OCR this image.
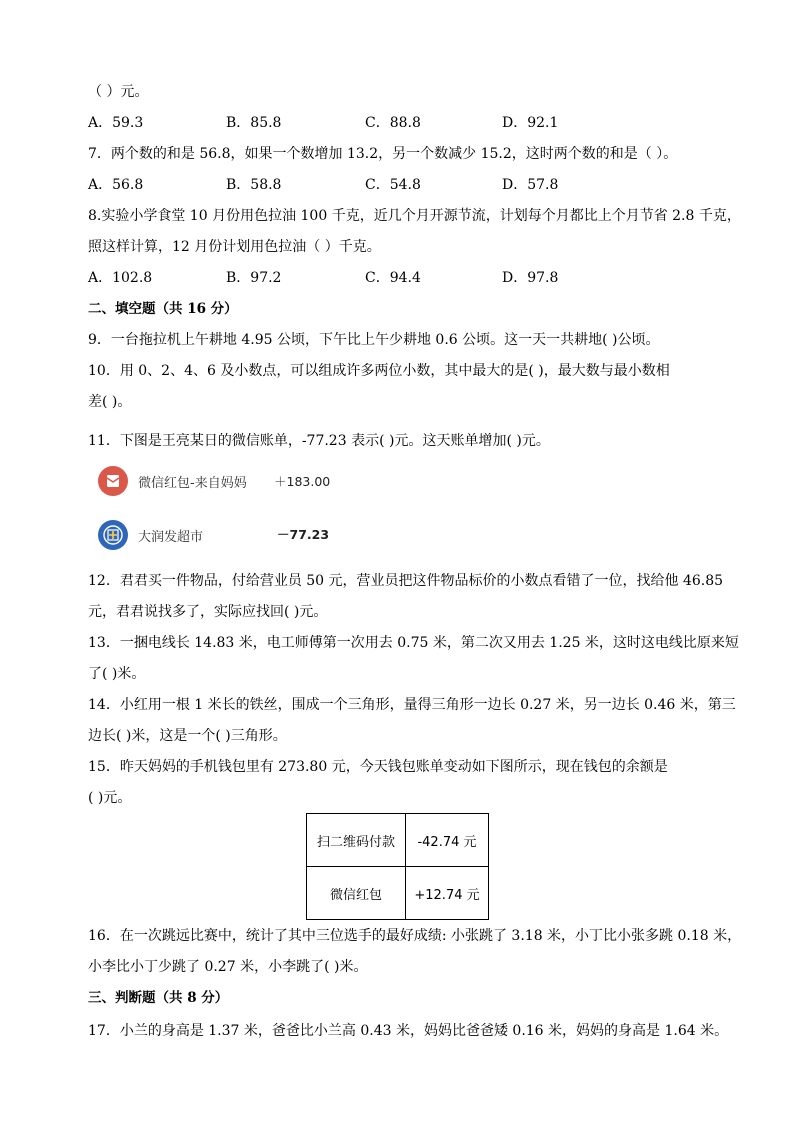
（ ）元。
A．59.3	B．85.8	C．88.8	D．92.1
7．两个数的和是 56.8，如果一个数增加 13.2，另一个数减少 15.2，这时两个数的和是（ ）。
A．56.8	B．58.8	C．54.8	D．57.8
8.实验小学食堂 10 月份用色拉油 100 千克，近几个月开源节流，计划每个月都比上个月节省 2.8 千克，
照这样计算，12 月份计划用色拉油（ ）千克。
A．102.8	B．97.2	C．94.4	D．97.8
二、填空题（共 16 分）
9．一台拖拉机上午耕地 4.95 公顷，下午比上午少耕地 0.6 公顷。这一天一共耕地( )公顷。
10．用 0、2、4、6 及小数点，可以组成许多两位小数，其中最大的是( )，最大数与最小数相
差( )。
11．下图是王亮某日的微信账单，-77.23 表示( )元。这天账单增加( )元。
微信红包-来自妈妈 ＋183.00
大润发超市	－77.23
12．君君买一件物品，付给营业员 50 元，营业员把这件物品标价的小数点看错了一位，找给他 46.85
元，君君说找多了，实际应找回( )元。
13．一捆电线长 14.83 米，电工师傅第一次用去 0.75 米，第二次又用去 1.25 米，这时这电线比原来短
了( )米。
14．小红用一根 1 米长的铁丝，围成一个三角形，量得三角形一边长 0.27 米，另一边长 0.46 米，第三
边长( )米，这是一个( )三角形。
15．昨天妈妈的手机钱包里有 273.80 元，今天钱包账单变动如下图所示，现在钱包的余额是
( )元。
扫二维码付款	-42.74 元
微信红包	+12.74 元
16．在一次跳远比赛中，统计了其中三位选手的最好成绩: 小张跳了 3.18 米，小丁比小张多跳 0.18 米，
小李比小丁少跳了 0.27 米，小李跳了( )米。
三、判断题（共 8 分）
17．小兰的身高是 1.37 米，爸爸比小兰高 0.43 米，妈妈比爸爸矮 0.16 米，妈妈的身高是 1.64 米。
